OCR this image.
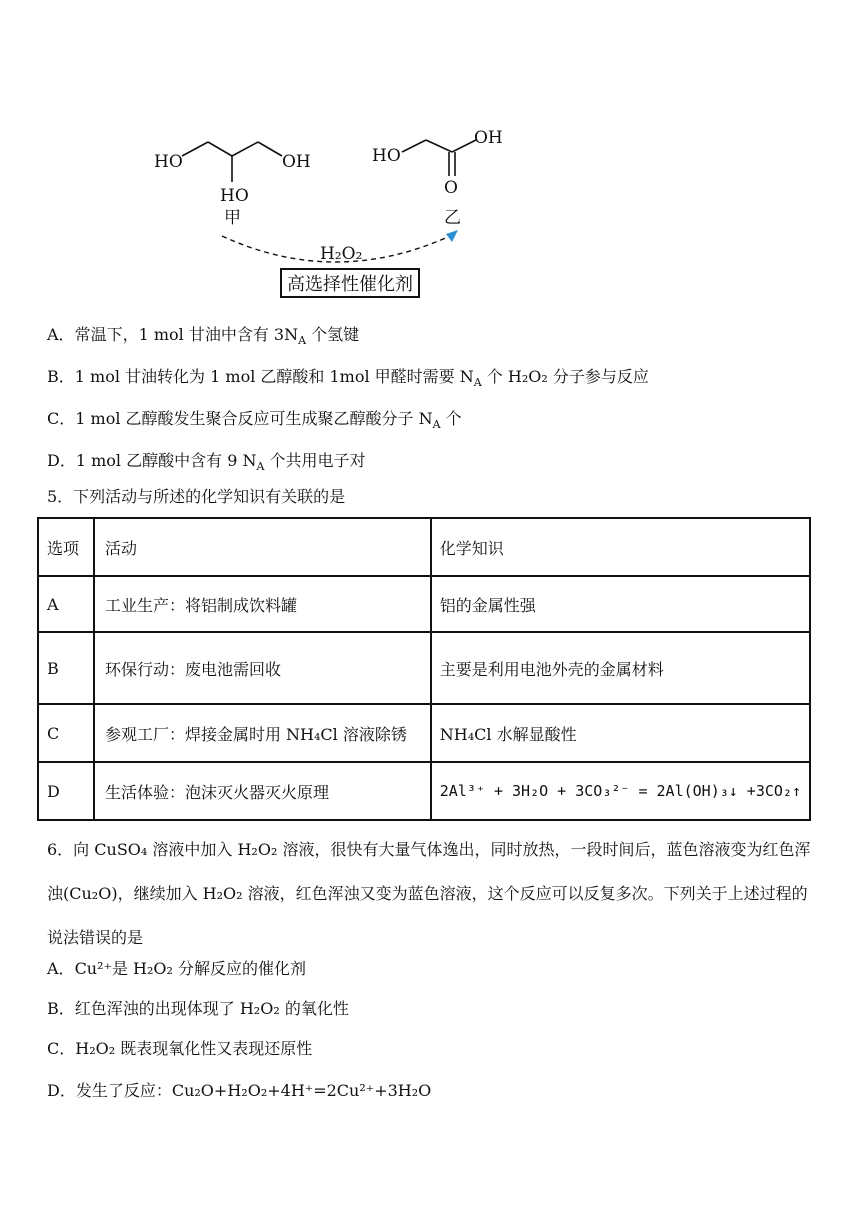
HO	OH
HO
甲
HO
OH
O
乙
H₂O₂
高选择性催化剂
A．常温下，1 mol 甘油中含有 $3N_A$ 个氢键
B．1 mol 甘油转化为 1 mol 乙醇酸和 1mol 甲醛时需要 $N_A$ 个 H₂O₂ 分子参与反应
C．1 mol 乙醇酸发生聚合反应可生成聚乙醇酸分子 $N_A$ 个
D．1 mol 乙醇酸中含有 9 $N_A$ 个共用电子对
5．下列活动与所述的化学知识有关联的是
选项	活动	化学知识
A	工业生产：将铝制成饮料罐	铝的金属性强
B	环保行动：废电池需回收	主要是利用电池外壳的金属材料
C	参观工厂：焊接金属时用 NH₄Cl 溶液除锈	NH₄Cl 水解显酸性
D	生活体验：泡沫灭火器灭火原理	2Al³⁺ + 3H₂O + 3CO₃²⁻ = 2Al(OH)₃↓ +3CO₂↑
6．向 CuSO₄ 溶液中加入 H₂O₂ 溶液，很快有大量气体逸出，同时放热，一段时间后，蓝色溶液变为红色浑浊(Cu₂O)，继续加入 H₂O₂ 溶液，红色浑浊又变为蓝色溶液，这个反应可以反复多次。下列关于上述过程的说法错误的是
A．Cu²⁺是 H₂O₂ 分解反应的催化剂
B．红色浑浊的出现体现了 H₂O₂ 的氧化性
C．H₂O₂ 既表现氧化性又表现还原性
D．发生了反应：Cu₂O+H₂O₂+4H⁺=2Cu²⁺+3H₂O
